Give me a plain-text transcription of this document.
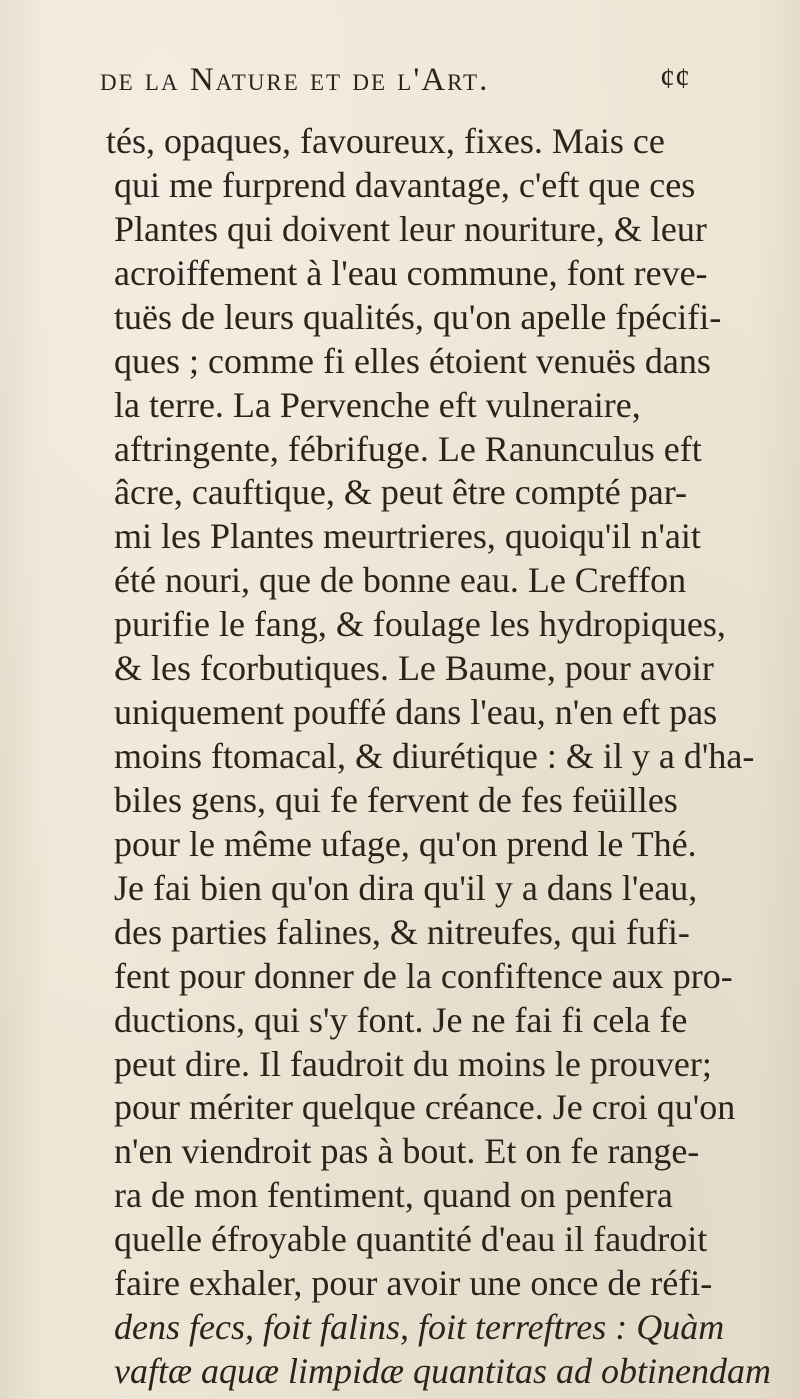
de la Nature et de l'Art.	¢¢
tés, opaques, favoureux, fixes. Mais ce
qui me furprend davantage, c'eft que ces
Plantes qui doivent leur nouriture, & leur
acroiffement à l'eau commune, font reve-
tuës de leurs qualités, qu'on apelle fpécifi-
ques ; comme fi elles étoient venuës dans
la terre. La Pervenche eft vulneraire,
aftringente, fébrifuge. Le Ranunculus eft
âcre, cauftique, & peut être compté par-
mi les Plantes meurtrieres, quoiqu'il n'ait
été nouri, que de bonne eau. Le Creffon
purifie le fang, & foulage les hydropiques,
& les fcorbutiques. Le Baume, pour avoir
uniquement pouffé dans l'eau, n'en eft pas
moins ftomacal, & diurétique : & il y a d'ha-
biles gens, qui fe fervent de fes feüilles
pour le même ufage, qu'on prend le Thé.
Je fai bien qu'on dira qu'il y a dans l'eau,
des parties falines, & nitreufes, qui fufi-
fent pour donner de la confiftence aux pro-
ductions, qui s'y font. Je ne fai fi cela fe
peut dire. Il faudroit du moins le prouver;
pour mériter quelque créance. Je croi qu'on
n'en viendroit pas à bout. Et on fe range-
ra de mon fentiment, quand on penfera
quelle éfroyable quantité d'eau il faudroit
faire exhaler, pour avoir une once de réfi-
dens fecs, foit falins, foit terreftres : Quàm
vaftæ aquæ limpidæ quantitas ad obtinendam
